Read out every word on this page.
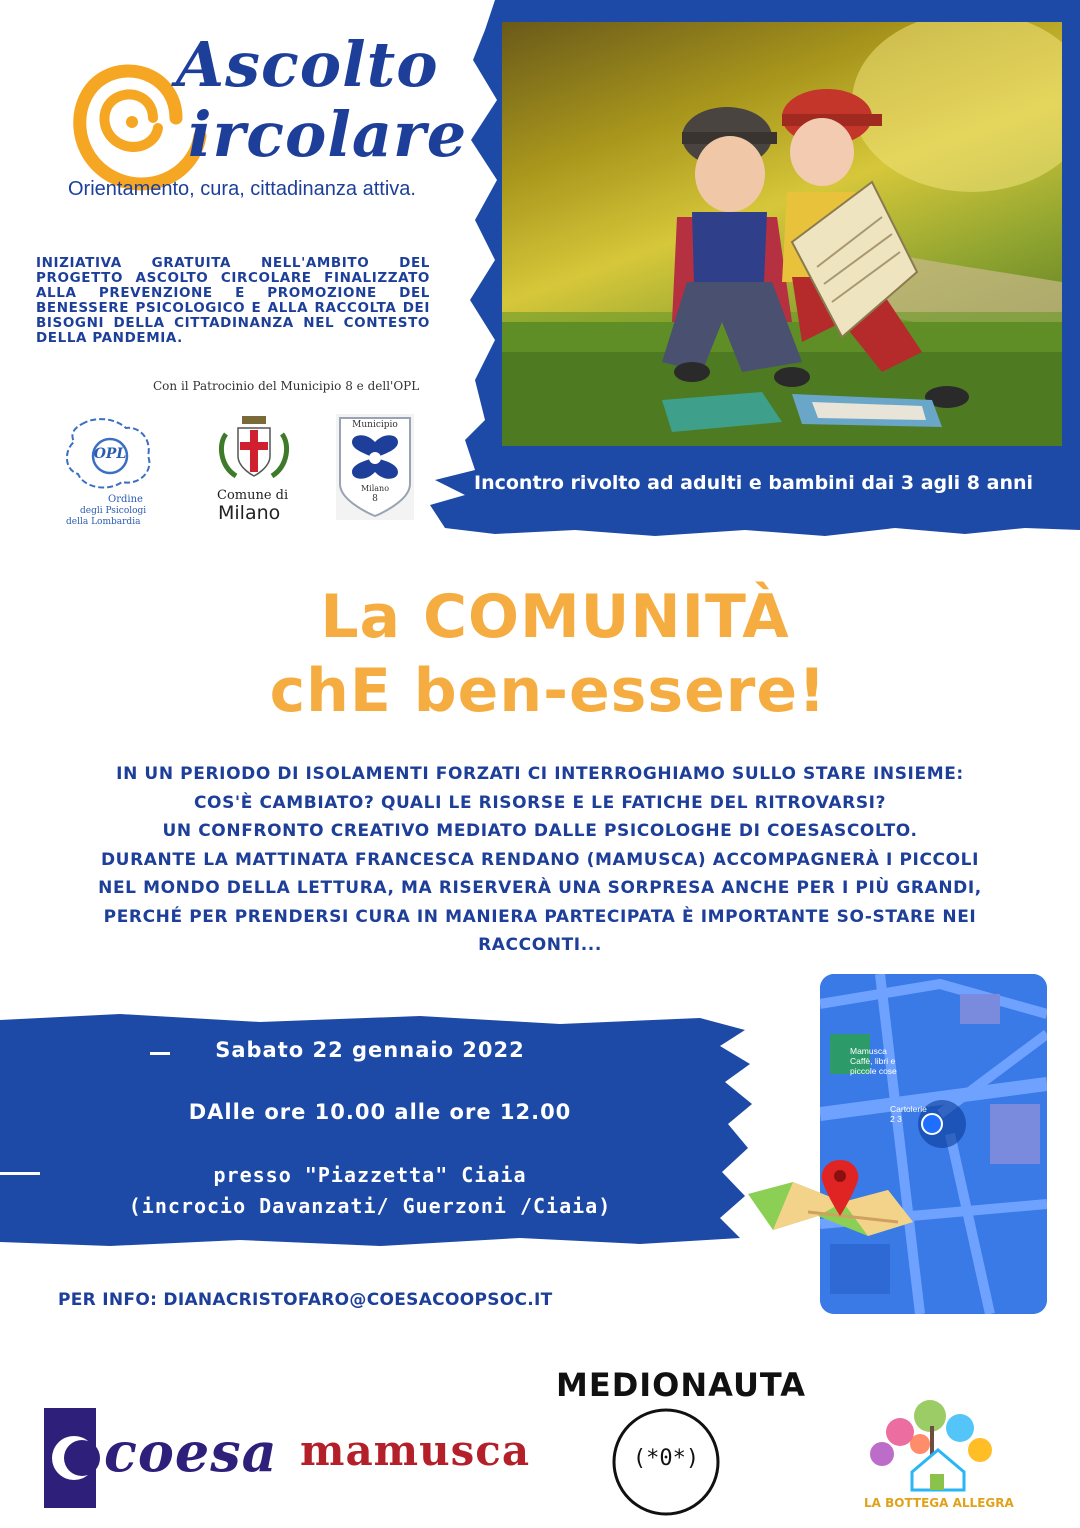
Ascolto
ircolare
Orientamento, cura, cittadinanza attiva.
INIZIATIVA GRATUITA NELL'AMBITO DEL PROGETTO ASCOLTO CIRCOLARE FINALIZZATO ALLA PREVENZIONE E PROMOZIONE DEL BENESSERE PSICOLOGICO E ALLA RACCOLTA DEI BISOGNI DELLA CITTADINANZA NEL CONTESTO DELLA PANDEMIA.
Con il Patrocinio del Municipio 8 e dell'OPL
OPL
Ordine
degli Psicologi
della Lombardia
Comune di
Milano
Municipio
Milano
8
Incontro rivolto ad adulti e bambini dai 3 agli 8 anni
La COMUNITÀ
chE ben-essere!
IN UN PERIODO DI ISOLAMENTI FORZATI CI INTERROGHIAMO SULLO STARE INSIEME:
COS'È CAMBIATO? QUALI LE RISORSE E LE FATICHE DEL RITROVARSI?
UN CONFRONTO CREATIVO MEDIATO DALLE PSICOLOGHE DI COESASCOLTO.
DURANTE LA MATTINATA FRANCESCA RENDANO (MAMUSCA) ACCOMPAGNERÀ I PICCOLI
NEL MONDO DELLA LETTURA, MA RISERVERÀ UNA SORPRESA ANCHE PER I PIÙ GRANDI,
PERCHÉ PER PRENDERSI CURA IN MANIERA PARTECIPATA È IMPORTANTE SO-STARE NEI
RACCONTI...
Sabato 22 gennaio 2022
DAlle ore 10.00 alle ore 12.00
presso "Piazzetta" Ciaia
(incrocio Davanzati/ Guerzoni /Ciaia)
Mamusca
Caffè, libri e
piccole cose
Cartolerie
2 3
PER INFO: DIANACRISTOFARO@COESACOOPSOC.IT
coesa mamusca
MEDIONAUTA
(*0*)
LA BOTTEGA ALLEGRA
